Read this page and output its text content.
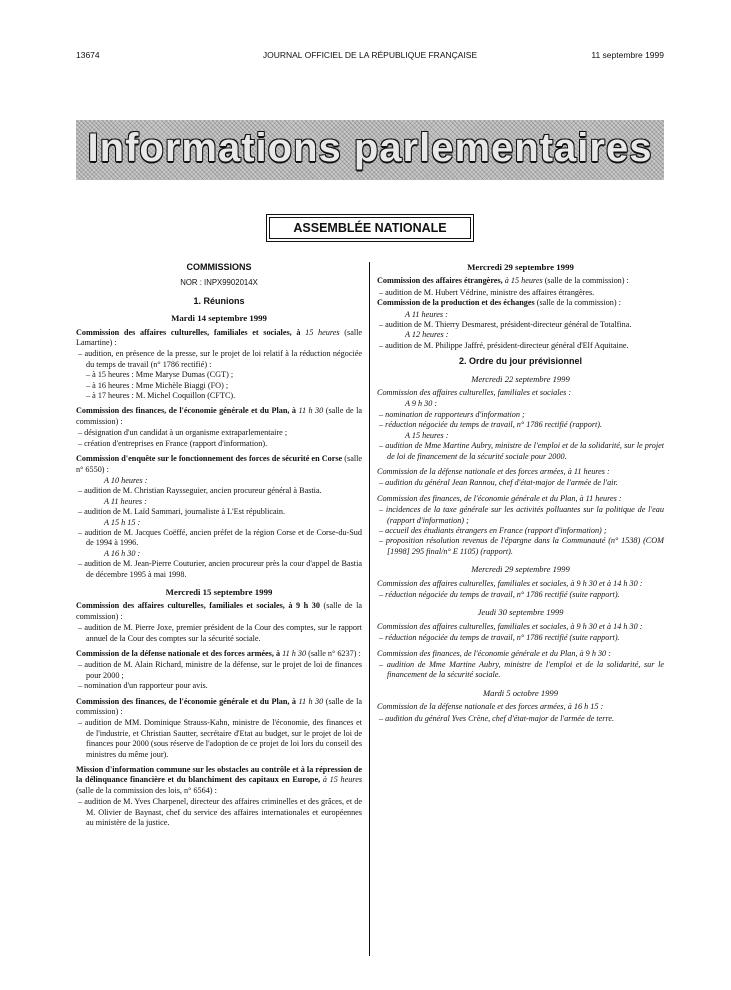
13674	JOURNAL OFFICIEL DE LA RÉPUBLIQUE FRANÇAISE	11 septembre 1999
Informations parlementaires
ASSEMBLÉE NATIONALE
COMMISSIONS
NOR : INPX9902014X
1. Réunions
Mardi 14 septembre 1999

Commission des affaires culturelles, familiales et sociales, à 15 heures (salle Lamartine) :

– audition, en présence de la presse, sur le projet de loi relatif à la réduction négociée du temps de travail (n° 1786 rectifié) :

– à 15 heures : Mme Maryse Dumas (CGT) ;

– à 16 heures : Mme Michèle Biaggi (FO) ;

– à 17 heures : M. Michel Coquillon (CFTC).

Commission des finances, de l'économie générale et du Plan, à 11 h 30 (salle de la commission) :

– désignation d'un candidat à un organisme extraparlementaire ;

– création d'entreprises en France (rapport d'information).

Commission d'enquête sur le fonctionnement des forces de sécurité en Corse (salle n° 6550) :

A 10 heures :

– audition de M. Christian Raysseguier, ancien procureur général à Bastia.

A 11 heures :

– audition de M. Laïd Sammari, journaliste à L'Est républicain.

A 15 h 15 :

– audition de M. Jacques Coëffé, ancien préfet de la région Corse et de Corse-du-Sud de 1994 à 1996.

A 16 h 30 :

– audition de M. Jean-Pierre Couturier, ancien procureur près la cour d'appel de Bastia de décembre 1995 à mai 1998.

Mercredi 15 septembre 1999

Commission des affaires culturelles, familiales et sociales, à 9 h 30 (salle de la commission) :

– audition de M. Pierre Joxe, premier président de la Cour des comptes, sur le rapport annuel de la Cour des comptes sur la sécurité sociale.

Commission de la défense nationale et des forces armées, à 11 h 30 (salle n° 6237) :

– audition de M. Alain Richard, ministre de la défense, sur le projet de loi de finances pour 2000 ;

– nomination d'un rapporteur pour avis.

Commission des finances, de l'économie générale et du Plan, à 11 h 30 (salle de la commission) :

– audition de MM. Dominique Strauss-Kahn, ministre de l'économie, des finances et de l'industrie, et Christian Sautter, secrétaire d'Etat au budget, sur le projet de loi de finances pour 2000 (sous réserve de l'adoption de ce projet de loi lors du conseil des ministres du même jour).

Mission d'information commune sur les obstacles au contrôle et à la répression de la délinquance financière et du blanchiment des capitaux en Europe, à 15 heures (salle de la commission des lois, n° 6564) :

– audition de M. Yves Charpenel, directeur des affaires criminelles et des grâces, et de M. Olivier de Baynast, chef du service des affaires internationales et européennes au ministère de la justice.

Mercredi 29 septembre 1999

Commission des affaires étrangères, à 15 heures (salle de la commission) :

– audition de M. Hubert Védrine, ministre des affaires étrangères.

Commission de la production et des échanges (salle de la commission) :

A 11 heures :

– audition de M. Thierry Desmarest, président-directeur général de Totalfina.

A 12 heures :

– audition de M. Philippe Jaffré, président-directeur général d'Elf Aquitaine.

2. Ordre du jour prévisionnel
Mercredi 22 septembre 1999

Commission des affaires culturelles, familiales et sociales :

A 9 h 30 :

– nomination de rapporteurs d'information ;

– réduction négociée du temps de travail, n° 1786 rectifié (rapport).

A 15 heures :

– audition de Mme Martine Aubry, ministre de l'emploi et de la solidarité, sur le projet de loi de financement de la sécurité sociale pour 2000.

Commission de la défense nationale et des forces armées, à 11 heures :

– audition du général Jean Rannou, chef d'état-major de l'armée de l'air.

Commission des finances, de l'économie générale et du Plan, à 11 heures :

– incidences de la taxe générale sur les activités polluantes sur la politique de l'eau (rapport d'information) ;

– accueil des étudiants étrangers en France (rapport d'information) ;

– proposition résolution revenus de l'épargne dans la Communauté (n° 1538) (COM [1998] 295 final/n° E 1105) (rapport).

Mercredi 29 septembre 1999

Commission des affaires culturelles, familiales et sociales, à 9 h 30 et à 14 h 30 :

– réduction négociée du temps de travail, n° 1786 rectifié (suite rapport).

Jeudi 30 septembre 1999

Commission des affaires culturelles, familiales et sociales, à 9 h 30 et à 14 h 30 :

– réduction négociée du temps de travail, n° 1786 rectifié (suite rapport).

Commission des finances, de l'économie générale et du Plan, à 9 h 30 :

– audition de Mme Martine Aubry, ministre de l'emploi et de la solidarité, sur le financement de la sécurité sociale.

Mardi 5 octobre 1999

Commission de la défense nationale et des forces armées, à 16 h 15 :

– audition du général Yves Crène, chef d'état-major de l'armée de terre.
